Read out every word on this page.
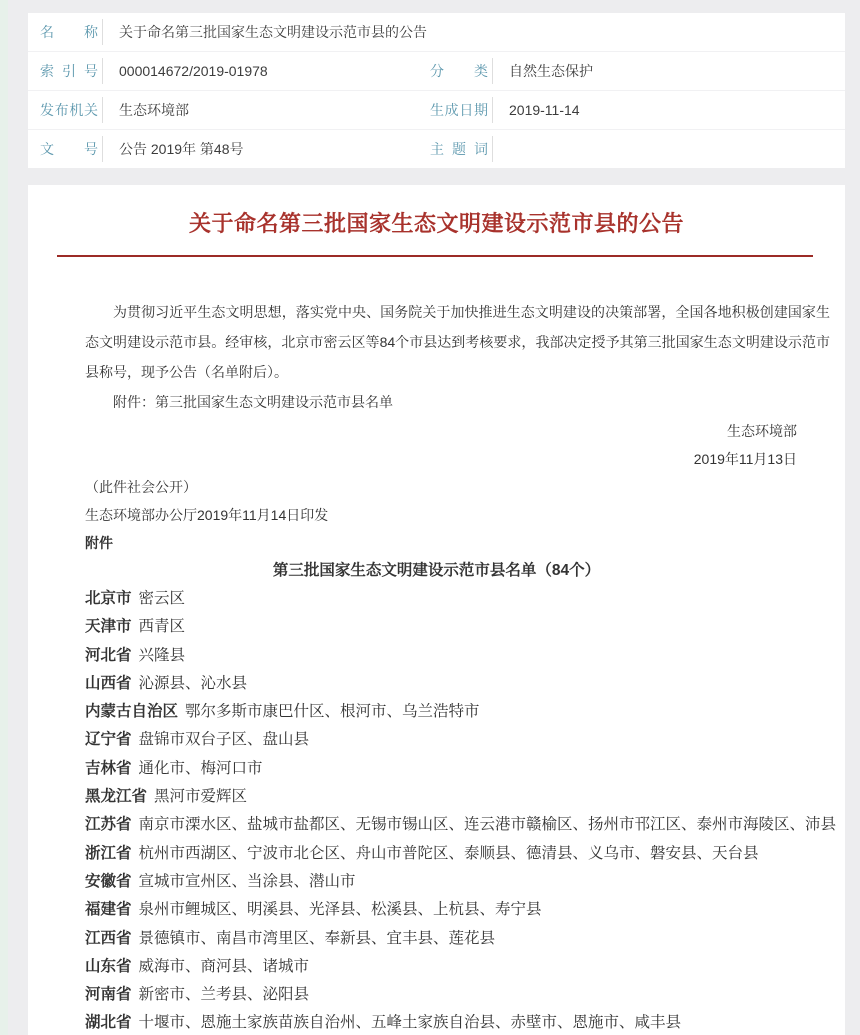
名称 关于命名第三批国家生态文明建设示范市县的公告
索引号 000014672/2019-01978	分类 自然生态保护
发布机关 生态环境部	生成日期 2019-11-14
文号 公告 2019年 第48号	主题词
关于命名第三批国家生态文明建设示范市县的公告

为贯彻习近平生态文明思想，落实党中央、国务院关于加快推进生态文明建设的决策部署，全国各地积极创建国家生态文明建设示范市县。经审核，北京市密云区等84个市县达到考核要求，我部决定授予其第三批国家生态文明建设示范市县称号，现予公告（名单附后）。

附件：第三批国家生态文明建设示范市县名单

生态环境部

2019年11月13日

（此件社会公开）

生态环境部办公厅2019年11月14日印发

附件

第三批国家生态文明建设示范市县名单（84个）

北京市 密云区

天津市 西青区

河北省 兴隆县

山西省 沁源县、沁水县

内蒙古自治区 鄂尔多斯市康巴什区、根河市、乌兰浩特市

辽宁省 盘锦市双台子区、盘山县

吉林省 通化市、梅河口市

黑龙江省 黑河市爱辉区

江苏省 南京市溧水区、盐城市盐都区、无锡市锡山区、连云港市赣榆区、扬州市邗江区、泰州市海陵区、沛县

浙江省 杭州市西湖区、宁波市北仑区、舟山市普陀区、泰顺县、德清县、义乌市、磐安县、天台县

安徽省 宣城市宣州区、当涂县、潜山市

福建省 泉州市鲤城区、明溪县、光泽县、松溪县、上杭县、寿宁县

江西省 景德镇市、南昌市湾里区、奉新县、宜丰县、莲花县

山东省 威海市、商河县、诸城市

河南省 新密市、兰考县、泌阳县

湖北省 十堰市、恩施土家族苗族自治州、五峰土家族自治县、赤壁市、恩施市、咸丰县
